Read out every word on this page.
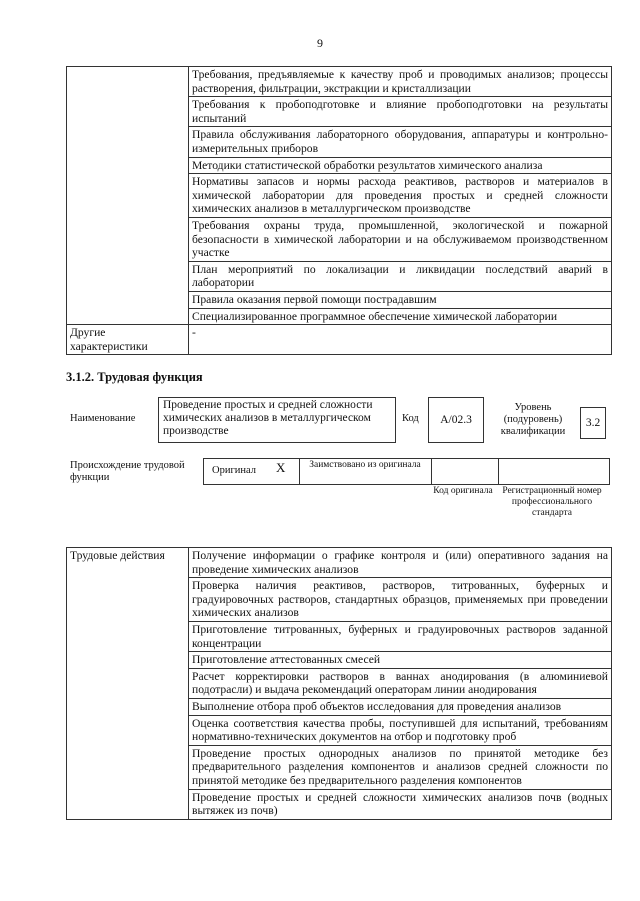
9
	Требования, предъявляемые к качеству проб и проводимых анализов; процессы растворения, фильтрации, экстракции и кристаллизации
	Требования к пробоподготовке и влияние пробоподготовки на результаты испытаний
	Правила обслуживания лабораторного оборудования, аппаратуры и контрольно-измерительных приборов
	Методики статистической обработки результатов химического анализа
	Нормативы запасов и нормы расхода реактивов, растворов и материалов в химической лаборатории для проведения простых и средней сложности химических анализов в металлургическом производстве
	Требования охраны труда, промышленной, экологической и пожарной безопасности в химической лаборатории и на обслуживаемом производственном участке
	План мероприятий по локализации и ликвидации последствий аварий в лаборатории
	Правила оказания первой помощи пострадавшим
	Специализированное программное обеспечение химической лаборатории
Другие характеристики	-
3.1.2. Трудовая функция
Наименование
Проведение простых и средней сложности химических анализов в металлургическом производстве
Код	А/02.3
Уровень (подуровень) квалификации
3.2
Происхождение трудовой функции
Оригинал X	Заимствовано из оригинала
Код оригинала Регистрационный номер профессионального стандарта
Трудовые действия	Получение информации о графике контроля и (или) оперативного задания на проведение химических анализов
Проверка наличия реактивов, растворов, титрованных, буферных и градуировочных растворов, стандартных образцов, применяемых при проведении химических анализов
Приготовление титрованных, буферных и градуировочных растворов заданной концентрации
Приготовление аттестованных смесей
Расчет корректировки растворов в ваннах анодирования (в алюминиевой подотрасли) и выдача рекомендаций операторам линии анодирования
Выполнение отбора проб объектов исследования для проведения анализов
Оценка соответствия качества пробы, поступившей для испытаний, требованиям нормативно-технических документов на отбор и подготовку проб
Проведение простых однородных анализов по принятой методике без предварительного разделения компонентов и анализов средней сложности по принятой методике без предварительного разделения компонентов
Проведение простых и средней сложности химических анализов почв (водных вытяжек из почв)
